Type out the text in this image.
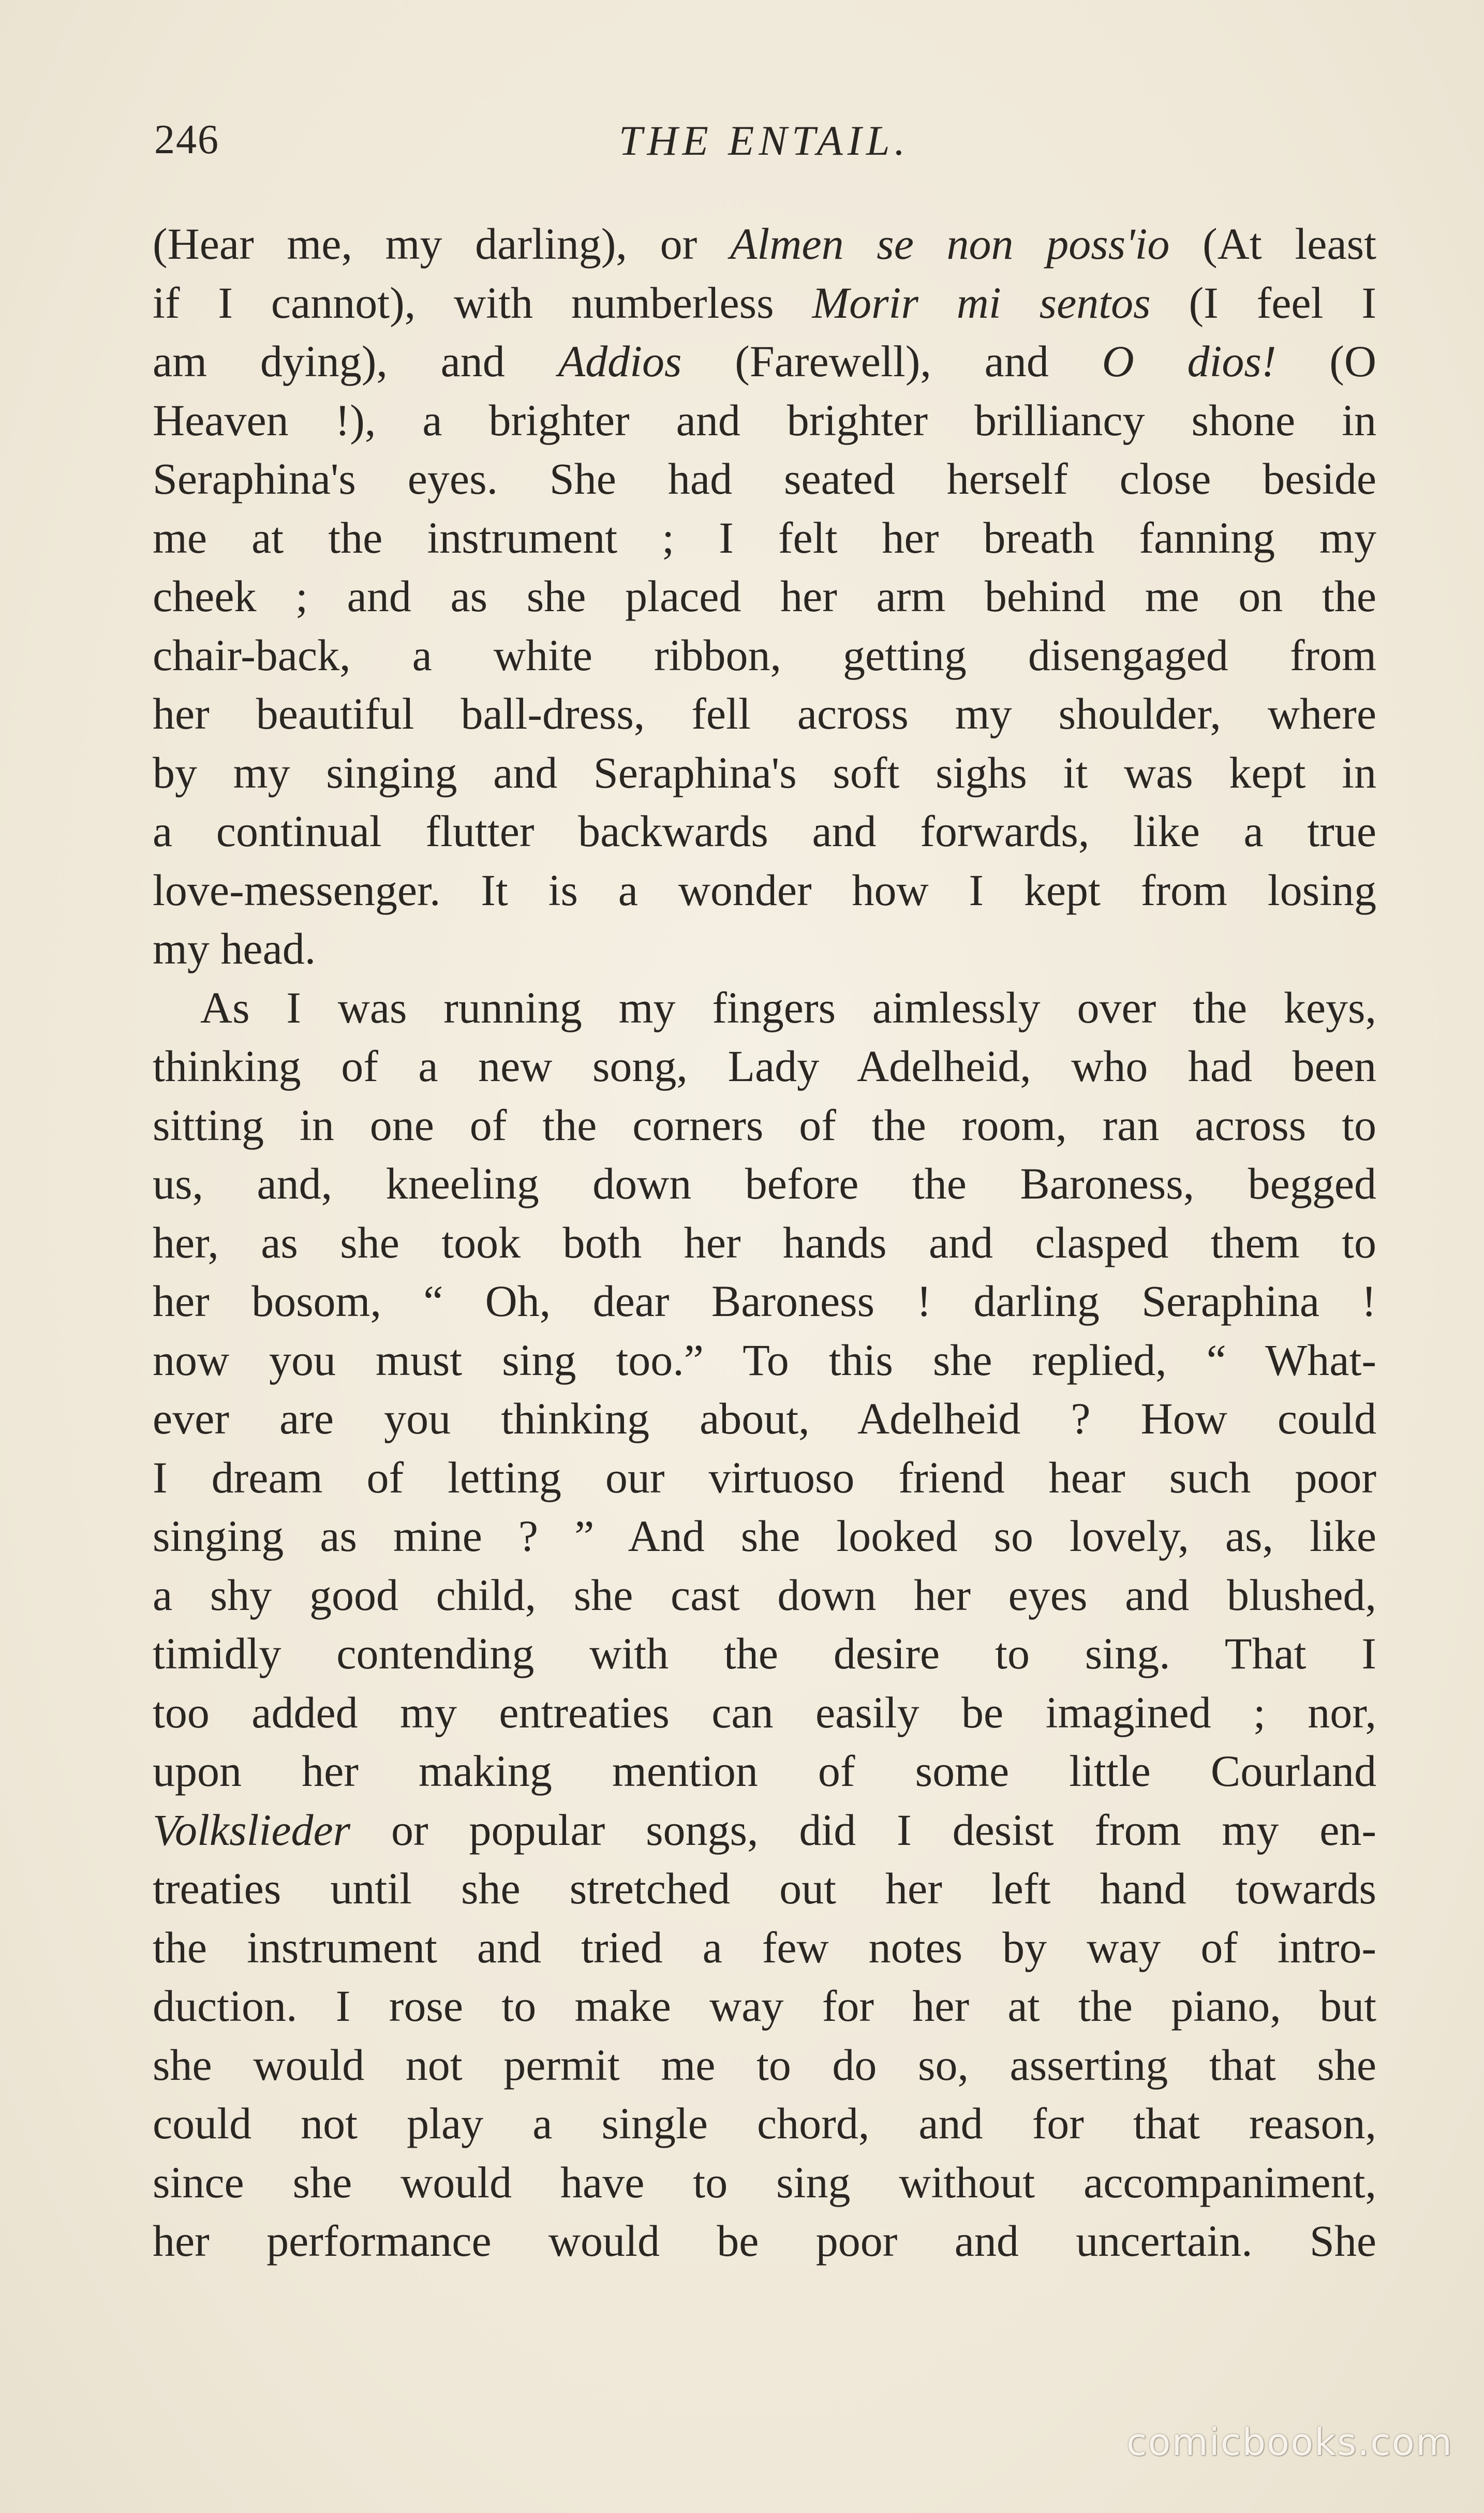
246	THE ENTAIL.
(Hear me, my darling), or Almen se non poss'io (At least
if I cannot), with numberless Morir mi sentos (I feel I
am dying), and Addios (Farewell), and O dios! (O
Heaven !), a brighter and brighter brilliancy shone in
Seraphina's eyes. She had seated herself close beside
me at the instrument ; I felt her breath fanning my
cheek ; and as she placed her arm behind me on the
chair-back, a white ribbon, getting disengaged from
her beautiful ball-dress, fell across my shoulder, where
by my singing and Seraphina's soft sighs it was kept in
a continual flutter backwards and forwards, like a true
love-messenger. It is a wonder how I kept from losing
my head.
As I was running my fingers aimlessly over the keys,
thinking of a new song, Lady Adelheid, who had been
sitting in one of the corners of the room, ran across to
us, and, kneeling down before the Baroness, begged
her, as she took both her hands and clasped them to
her bosom, “ Oh, dear Baroness ! darling Seraphina !
now you must sing too.” To this she replied, “ What-
ever are you thinking about, Adelheid ? How could
I dream of letting our virtuoso friend hear such poor
singing as mine ? ” And she looked so lovely, as, like
a shy good child, she cast down her eyes and blushed,
timidly contending with the desire to sing. That I
too added my entreaties can easily be imagined ; nor,
upon her making mention of some little Courland
Volkslieder or popular songs, did I desist from my en-
treaties until she stretched out her left hand towards
the instrument and tried a few notes by way of intro-
duction. I rose to make way for her at the piano, but
she would not permit me to do so, asserting that she
could not play a single chord, and for that reason,
since she would have to sing without accompaniment,
her performance would be poor and uncertain. She
comicbooks.com
